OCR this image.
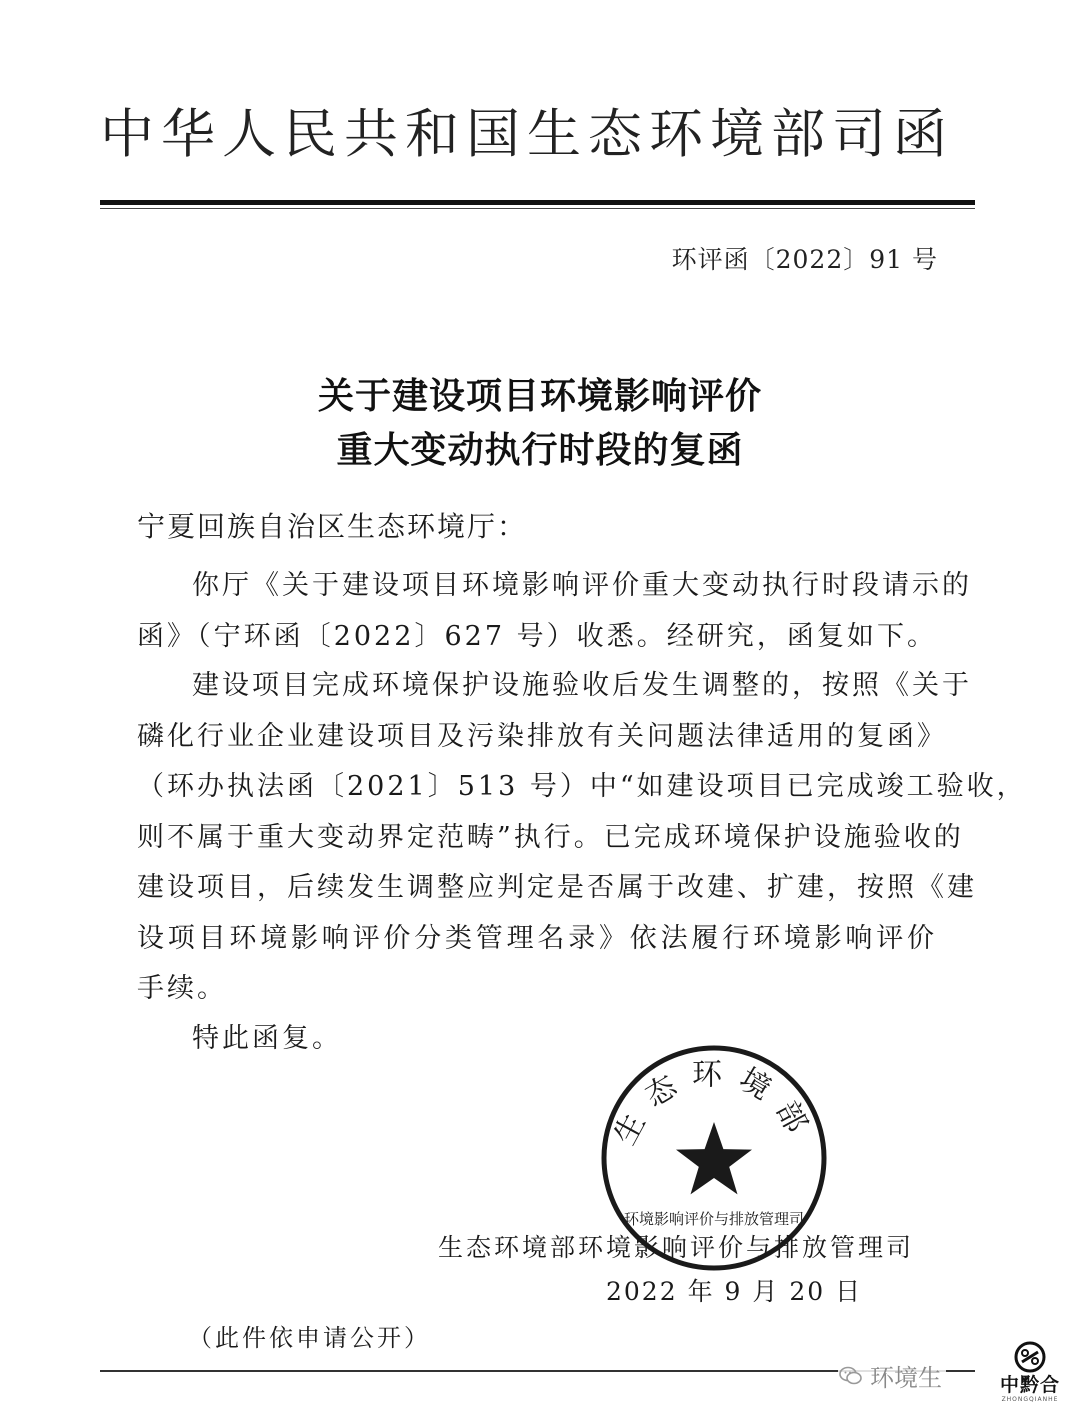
中华人民共和国生态环境部司函
环评函〔2022〕91 号
关于建设项目环境影响评价
重大变动执行时段的复函
宁夏回族自治区生态环境厅：
你厅《关于建设项目环境影响评价重大变动执行时段请示的
函》（宁环函〔2022〕627 号）收悉。经研究，函复如下。
建设项目完成环境保护设施验收后发生调整的，按照《关于
磷化行业企业建设项目及污染排放有关问题法律适用的复函》
（环办执法函〔2021〕513 号）中“如建设项目已完成竣工验收，
则不属于重大变动界定范畴”执行。已完成环境保护设施验收的
建设项目，后续发生调整应判定是否属于改建、扩建，按照《建
设项目环境影响评价分类管理名录》依法履行环境影响评价
手续。
特此函复。
生态环境部
环境影响评价与排放管理司
生态环境部环境影响评价与排放管理司
2022 年 9 月 20 日
（此件依申请公开）
环境生	中黔合
ZHONGQIANHE
